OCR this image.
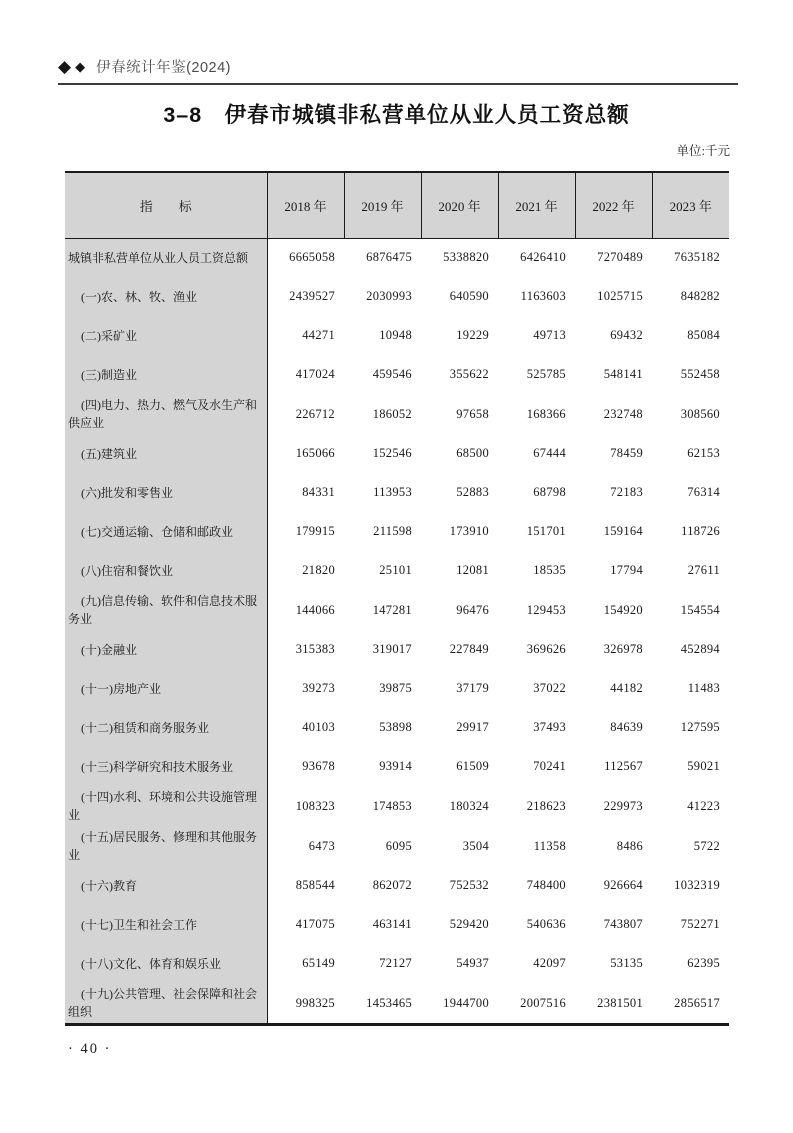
◆ ◆ 伊春统计年鉴(2024)
3–8　伊春市城镇非私营单位从业人员工资总额
单位:千元
指　　标	2018 年	2019 年	2020 年	2021 年	2022 年	2023 年
城镇非私营单位从业人员工资总额	6665058	6876475	5338820	6426410	7270489	7635182
(一)农、林、牧、渔业	2439527	2030993	640590	1163603	1025715	848282
(二)采矿业	44271	10948	19229	49713	69432	85084
(三)制造业	417024	459546	355622	525785	548141	552458
(四)电力、热力、燃气及水生产和供应业	226712	186052	97658	168366	232748	308560
(五)建筑业	165066	152546	68500	67444	78459	62153
(六)批发和零售业	84331	113953	52883	68798	72183	76314
(七)交通运输、仓储和邮政业	179915	211598	173910	151701	159164	118726
(八)住宿和餐饮业	21820	25101	12081	18535	17794	27611
(九)信息传输、软件和信息技术服务业	144066	147281	96476	129453	154920	154554
(十)金融业	315383	319017	227849	369626	326978	452894
(十一)房地产业	39273	39875	37179	37022	44182	11483
(十二)租赁和商务服务业	40103	53898	29917	37493	84639	127595
(十三)科学研究和技术服务业	93678	93914	61509	70241	112567	59021
(十四)水利、环境和公共设施管理业	108323	174853	180324	218623	229973	41223
(十五)居民服务、修理和其他服务业	6473	6095	3504	11358	8486	5722
(十六)教育	858544	862072	752532	748400	926664	1032319
(十七)卫生和社会工作	417075	463141	529420	540636	743807	752271
(十八)文化、体育和娱乐业	65149	72127	54937	42097	53135	62395
(十九)公共管理、社会保障和社会组织	998325	1453465	1944700	2007516	2381501	2856517
· 40 ·
